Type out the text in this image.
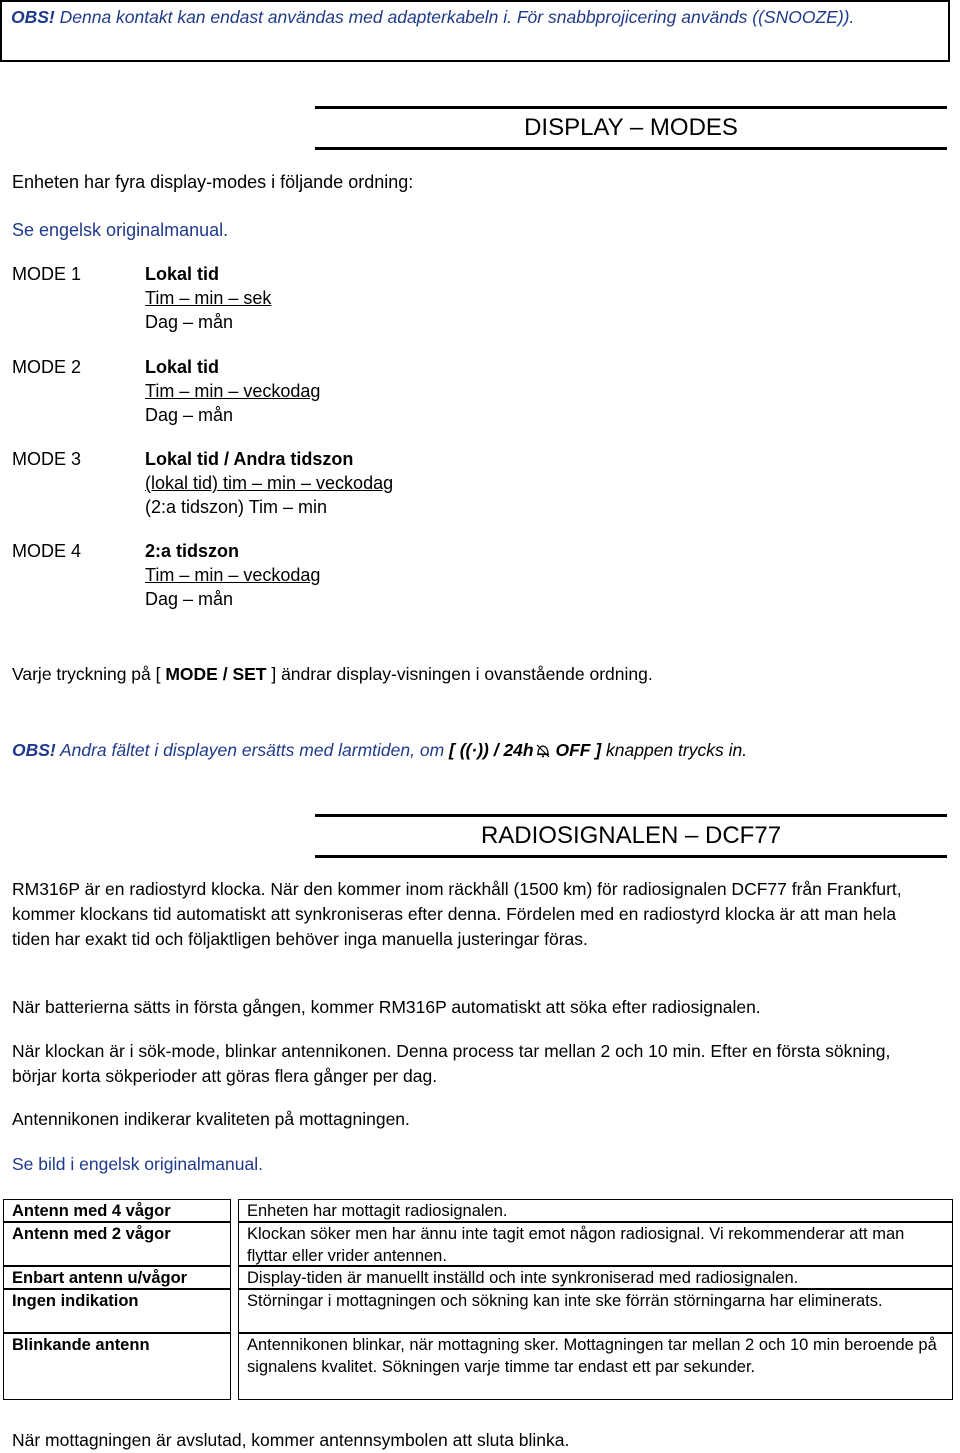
OBS! Denna kontakt kan endast användas med adapterkabeln i. För snabbprojicering används ((SNOOZE)).
DISPLAY – MODES
Enheten har fyra display-modes i följande ordning:
Se engelsk originalmanual.
MODE 1	Lokal tid
Tim – min – sek
Dag – mån
MODE 2	Lokal tid
Tim – min – veckodag
Dag – mån
MODE 3	Lokal tid / Andra tidszon
(lokal tid) tim – min – veckodag
(2:a tidszon) Tim – min
MODE 4	2:a tidszon
Tim – min – veckodag
Dag – mån
Varje tryckning på [ MODE / SET ] ändrar display-visningen i ovanstående ordning.
OBS! Andra fältet i displayen ersätts med larmtiden, om [ ((·)) / 24h OFF ] knappen trycks in.
RADIOSIGNALEN – DCF77
RM316P är en radiostyrd klocka. När den kommer inom räckhåll (1500 km) för radiosignalen DCF77 från Frankfurt, kommer klockans tid automatiskt att synkroniseras efter denna. Fördelen med en radiostyrd klocka är att man hela tiden har exakt tid och följaktligen behöver inga manuella justeringar föras.
När batterierna sätts in första gången, kommer RM316P automatiskt att söka efter radiosignalen.
När klockan är i sök-mode, blinkar antennikonen. Denna process tar mellan 2 och 10 min. Efter en första sökning, börjar korta sökperioder att göras flera gånger per dag.
Antennikonen indikerar kvaliteten på mottagningen.
Se bild i engelsk originalmanual.
Antenn med 4 vågor	Enheten har mottagit radiosignalen.
Antenn med 2 vågor	Klockan söker men har ännu inte tagit emot någon radiosignal. Vi rekommenderar att man flyttar eller vrider antennen.
Enbart antenn u/vågor	Display-tiden är manuellt inställd och inte synkroniserad med radiosignalen.
Ingen indikation	Störningar i mottagningen och sökning kan inte ske förrän störningarna har eliminerats.
Blinkande antenn	Antennikonen blinkar, när mottagning sker. Mottagningen tar mellan 2 och 10 min beroende på signalens kvalitet. Sökningen varje timme tar endast ett par sekunder.
När mottagningen är avslutad, kommer antennsymbolen att sluta blinka.
